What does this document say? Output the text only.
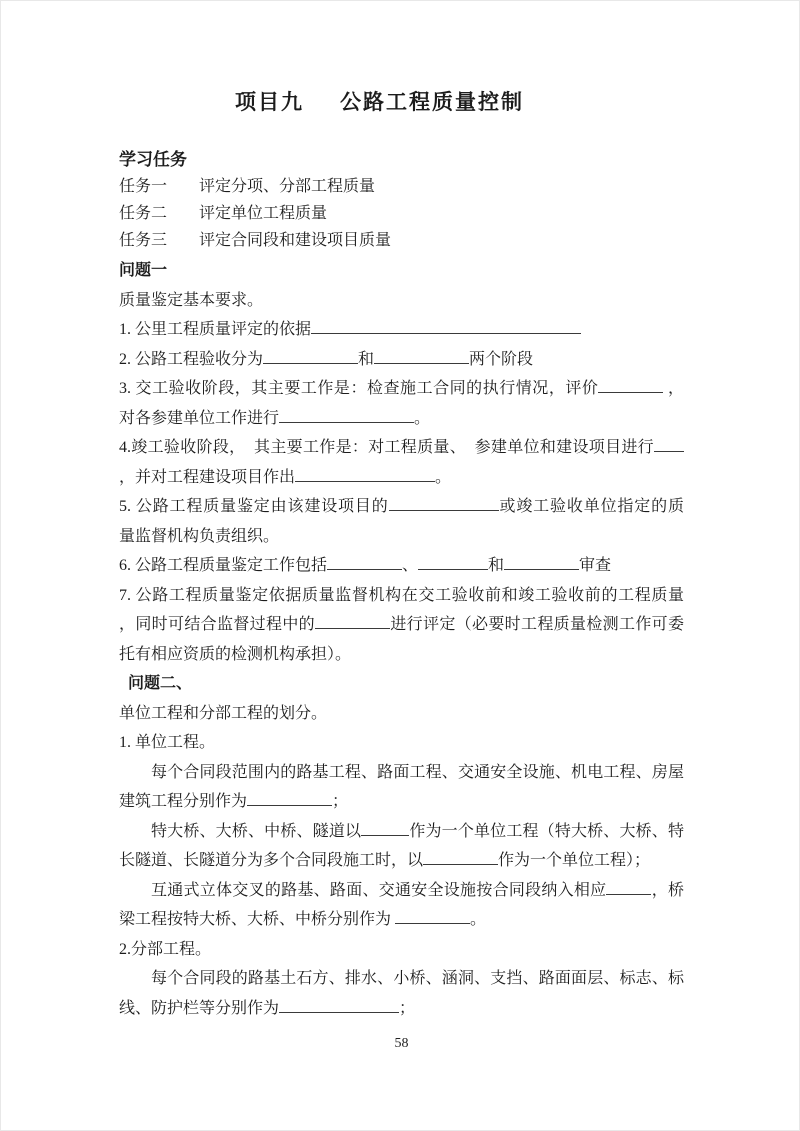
项目九 公路工程质量控制
学习任务
任务一 评定分项、分部工程质量
任务二 评定单位工程质量
任务三 评定合同段和建设项目质量
问题一
质量鉴定基本要求。
1. 公里工程质量评定的依据
2. 公路工程验收分为	和	两个阶段
3. 交工验收阶段，其主要工作是：检查施工合同的执行情况，评价	，
对各参建单位工作进行	。
4.竣工验收阶段，  其主要工作是：对工程质量、  参建单位和建设项目进行
，并对工程建设项目作出	。
5. 公路工程质量鉴定由该建设项目的	或竣工验收单位指定的质
量监督机构负责组织。
6. 公路工程质量鉴定工作包括	、	和	审查
7. 公路工程质量鉴定依据质量监督机构在交工验收前和竣工验收前的工程质量
，同时可结合监督过程中的	进行评定（必要时工程质量检测工作可委
托有相应资质的检测机构承担）。
问题二、
单位工程和分部工程的划分。
1. 单位工程。
每个合同段范围内的路基工程、路面工程、交通安全设施、机电工程、房屋
建筑工程分别作为	；
特大桥、大桥、中桥、隧道以	作为一个单位工程（特大桥、大桥、特
长隧道、长隧道分为多个合同段施工时，以	作为一个单位工程）；
互通式立体交叉的路基、路面、交通安全设施按合同段纳入相应	，桥
梁工程按特大桥、大桥、中桥分别作为	。
2.分部工程。
每个合同段的路基土石方、排水、小桥、涵洞、支挡、路面面层、标志、标
线、防护栏等分别作为	；
58
